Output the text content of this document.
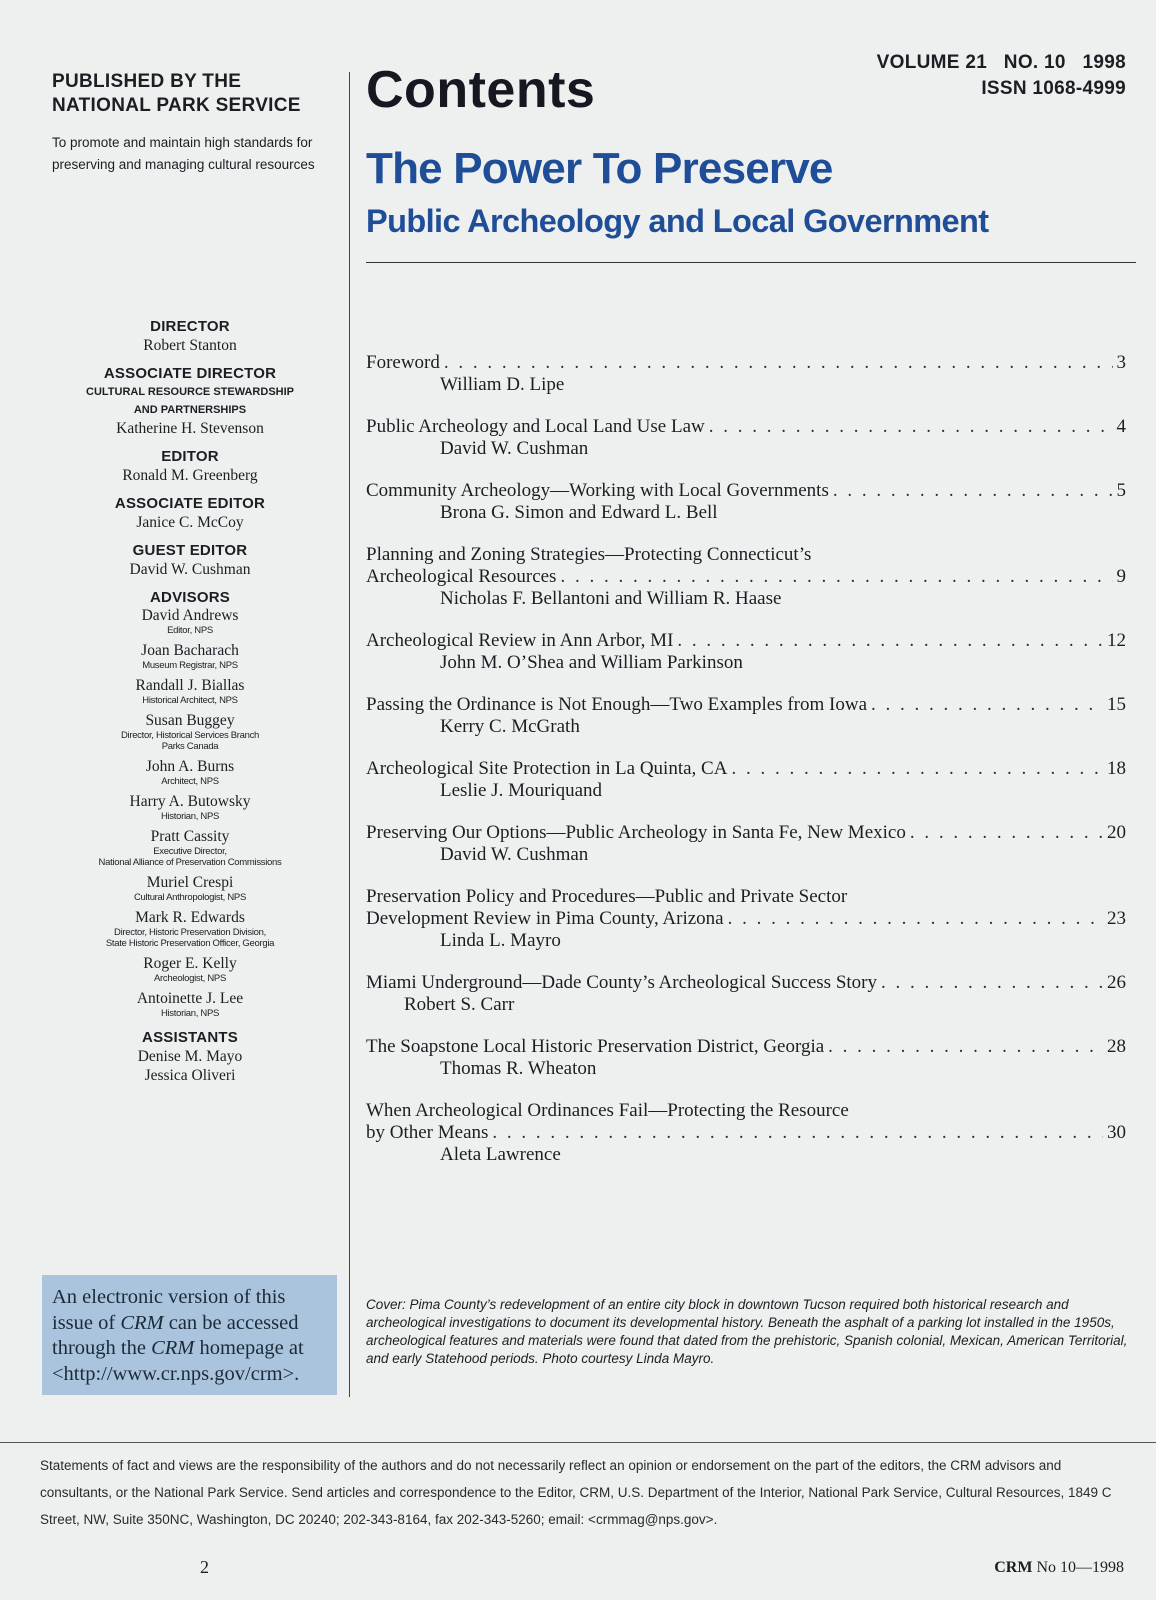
PUBLISHED BY THE
NATIONAL PARK SERVICE
To promote and maintain high standards for preserving and managing cultural resources
DIRECTOR
Robert Stanton
ASSOCIATE DIRECTOR
CULTURAL RESOURCE STEWARDSHIP
AND PARTNERSHIPS
Katherine H. Stevenson
EDITOR
Ronald M. Greenberg
ASSOCIATE EDITOR
Janice C. McCoy
GUEST EDITOR
David W. Cushman
ADVISORS
David Andrews
Editor, NPS
Joan Bacharach
Museum Registrar, NPS
Randall J. Biallas
Historical Architect, NPS
Susan Buggey
Director, Historical Services Branch
Parks Canada
John A. Burns
Architect, NPS
Harry A. Butowsky
Historian, NPS
Pratt Cassity
Executive Director,
National Alliance of Preservation Commissions
Muriel Crespi
Cultural Anthropologist, NPS
Mark R. Edwards
Director, Historic Preservation Division,
State Historic Preservation Officer, Georgia
Roger E. Kelly
Archeologist, NPS
Antoinette J. Lee
Historian, NPS
ASSISTANTS
Denise M. Mayo
Jessica Oliveri
An electronic version of this issue of CRM can be accessed through the CRM homepage at <http://www.cr.nps.gov/crm>.
VOLUME 21   NO. 10   1998
ISSN 1068-4999
Contents
The Power To Preserve
Public Archeology and Local Government
Foreword . . .	3
William D. Lipe
Public Archeology and Local Land Use Law . . .	4
David W. Cushman
Community Archeology—Working with Local Governments . . .	5
Brona G. Simon and Edward L. Bell
Planning and Zoning Strategies—Protecting Connecticut’s
Archeological Resources . . .	9
Nicholas F. Bellantoni and William R. Haase
Archeological Review in Ann Arbor, MI . . .	12
John M. O’Shea and William Parkinson
Passing the Ordinance is Not Enough—Two Examples from Iowa . . .	15
Kerry C. McGrath
Archeological Site Protection in La Quinta, CA . . .	18
Leslie J. Mouriquand
Preserving Our Options—Public Archeology in Santa Fe, New Mexico . . .	20
David W. Cushman
Preservation Policy and Procedures—Public and Private Sector
Development Review in Pima County, Arizona . . .	23
Linda L. Mayro
Miami Underground—Dade County’s Archeological Success Story . . .	26
Robert S. Carr
The Soapstone Local Historic Preservation District, Georgia . . .	28
Thomas R. Wheaton
When Archeological Ordinances Fail—Protecting the Resource
by Other Means . . .	30
Aleta Lawrence
Cover: Pima County’s redevelopment of an entire city block in downtown Tucson required both historical research and archeological investigations to document its developmental history. Beneath the asphalt of a parking lot installed in the 1950s, archeological features and materials were found that dated from the prehistoric, Spanish colonial, Mexican, American Territorial, and early Statehood periods. Photo courtesy Linda Mayro.
Statements of fact and views are the responsibility of the authors and do not necessarily reflect an opinion or endorsement on the part of the editors, the CRM advisors and consultants, or the National Park Service. Send articles and correspondence to the Editor, CRM, U.S. Department of the Interior, National Park Service, Cultural Resources, 1849 C Street, NW, Suite 350NC, Washington, DC 20240; 202-343-8164, fax 202-343-5260; email: <crmmag@nps.gov>.
2	CRM No 10—1998
